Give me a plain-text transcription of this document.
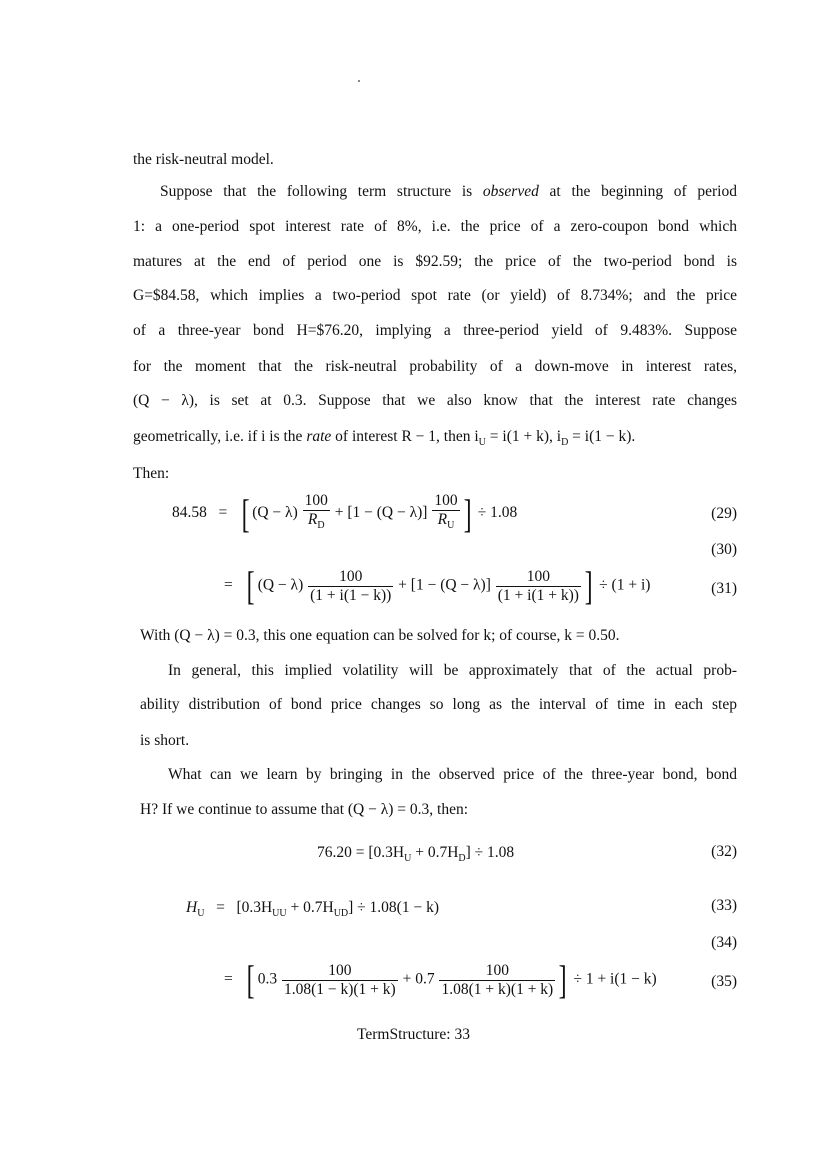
the risk-neutral model.
Suppose that the following term structure is observed at the beginning of period
1: a one-period spot interest rate of 8%, i.e. the price of a zero-coupon bond which
matures at the end of period one is $92.59; the price of the two-period bond is
G=$84.58, which implies a two-period spot rate (or yield) of 8.734%; and the price
of a three-year bond H=$76.20, implying a three-period yield of 9.483%. Suppose
for the moment that the risk-neutral probability of a down-move in interest rates,
(Q − λ), is set at 0.3. Suppose that we also know that the interest rate changes
geometrically, i.e. if i is the rate of interest R − 1, then $i_U = i(1 + k)$, $i_D = i(1 - k)$.
Then:
84.58 = [ $(Q - \lambda) \frac{100}{R_D} + [1 - (Q - \lambda)] \frac{100}{R_U}$ ] ÷ 1.08	(29)
(30)
= [ $(Q - \lambda) \frac{100}{(1 + i(1 - k))} + [1 - (Q - \lambda)] \frac{100}{(1 + i(1 + k))}$ ] ÷ (1 + i)	(31)
With (Q − λ) = 0.3, this one equation can be solved for k; of course, k = 0.50.
In general, this implied volatility will be approximately that of the actual prob-
ability distribution of bond price changes so long as the interval of time in each step
is short.
What can we learn by bringing in the observed price of the three-year bond, bond
H? If we continue to assume that (Q − λ) = 0.3, then:
$76.20 = [0.3H_U + 0.7H_D] \div 1.08$	(32)
$H_U = [0.3H_{UU} + 0.7H_{UD}] \div 1.08(1 - k)$	(33)
(34)
= [ $0.3 \frac{100}{1.08(1 - k)(1 + k)} + 0.7 \frac{100}{1.08(1 + k)(1 + k)}$ ] ÷ 1 + i(1 − k)	(35)
TermStructure: 33
